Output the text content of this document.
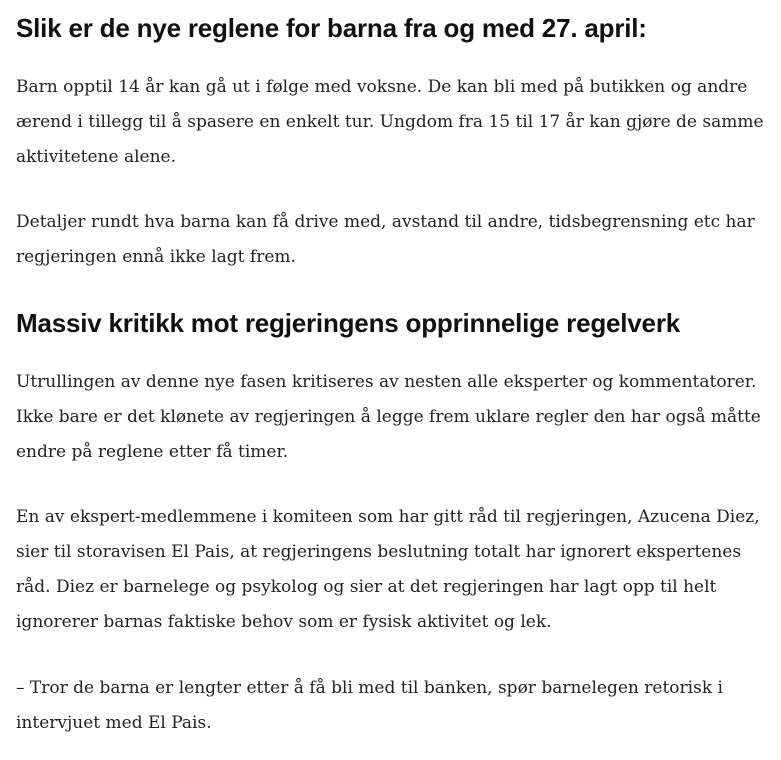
Slik er de nye reglene for barna fra og med 27. april:

Barn opptil 14 år kan gå ut i følge med voksne. De kan bli med på butikken og andre
ærend i tillegg til å spasere en enkelt tur. Ungdom fra 15 til 17 år kan gjøre de samme
aktivitetene alene.

Detaljer rundt hva barna kan få drive med, avstand til andre, tidsbegrensning etc har
regjeringen ennå ikke lagt frem.

Massiv kritikk mot regjeringens opprinnelige regelverk

Utrullingen av denne nye fasen kritiseres av nesten alle eksperter og kommentatorer.
Ikke bare er det klønete av regjeringen å legge frem uklare regler den har også måtte
endre på reglene etter få timer.

En av ekspert-medlemmene i komiteen som har gitt råd til regjeringen, Azucena Diez,
sier til storavisen El Pais, at regjeringens beslutning totalt har ignorert ekspertenes
råd. Diez er barnelege og psykolog og sier at det regjeringen har lagt opp til helt
ignorerer barnas faktiske behov som er fysisk aktivitet og lek.

– Tror de barna er lengter etter å få bli med til banken, spør barnelegen retorisk i
intervjuet med El Pais.
